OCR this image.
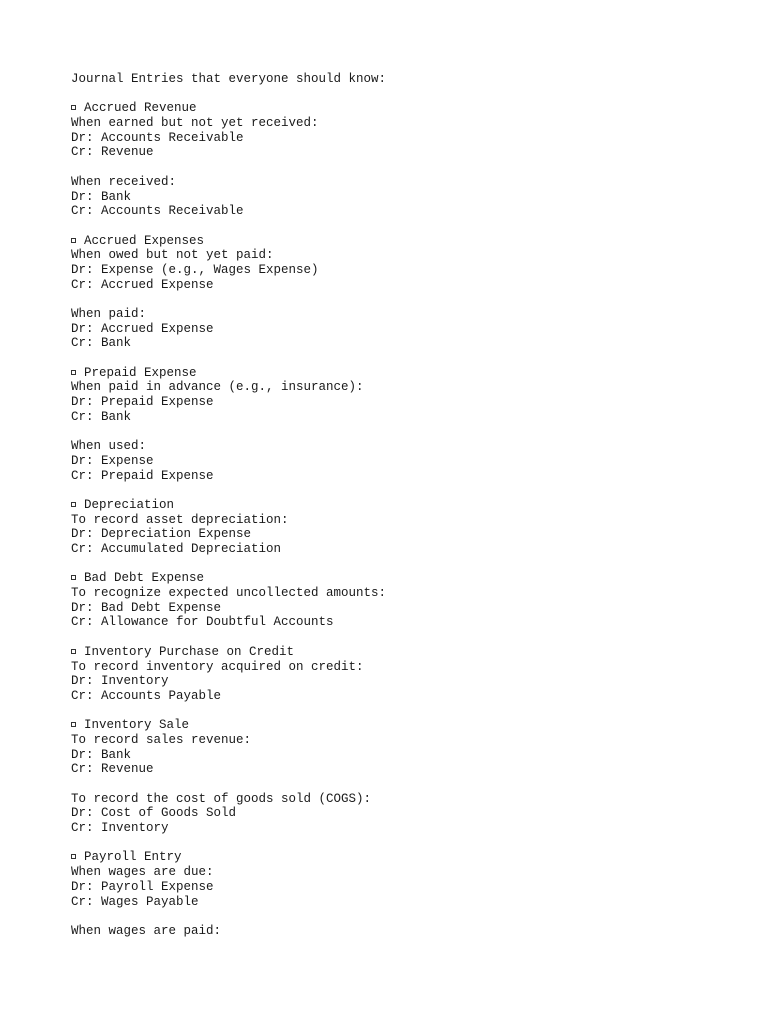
Journal Entries that everyone should know:
Accrued Revenue
When earned but not yet received:
Dr: Accounts Receivable
Cr: Revenue
When received:
Dr: Bank
Cr: Accounts Receivable
Accrued Expenses
When owed but not yet paid:
Dr: Expense (e.g., Wages Expense)
Cr: Accrued Expense
When paid:
Dr: Accrued Expense
Cr: Bank
Prepaid Expense
When paid in advance (e.g., insurance):
Dr: Prepaid Expense
Cr: Bank
When used:
Dr: Expense
Cr: Prepaid Expense
Depreciation
To record asset depreciation:
Dr: Depreciation Expense
Cr: Accumulated Depreciation
Bad Debt Expense
To recognize expected uncollected amounts:
Dr: Bad Debt Expense
Cr: Allowance for Doubtful Accounts
Inventory Purchase on Credit
To record inventory acquired on credit:
Dr: Inventory
Cr: Accounts Payable
Inventory Sale
To record sales revenue:
Dr: Bank
Cr: Revenue
To record the cost of goods sold (COGS):
Dr: Cost of Goods Sold
Cr: Inventory
Payroll Entry
When wages are due:
Dr: Payroll Expense
Cr: Wages Payable
When wages are paid:
